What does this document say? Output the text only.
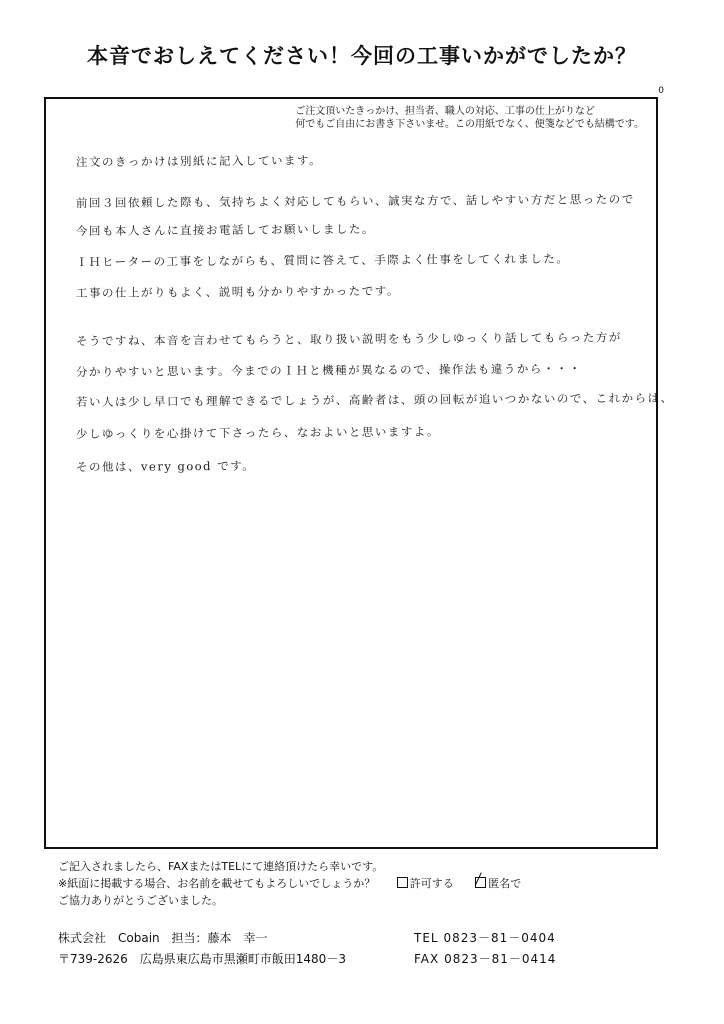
本音でおしえてください！今回の工事いかがでしたか？
0
ご注文頂いたきっかけ、担当者、職人の対応、工事の仕上がりなど
何でもご自由にお書き下さいませ。この用紙でなく、便箋などでも結構です。
注文のきっかけは別紙に記入しています。
前回３回依頼した際も、気持ちよく対応してもらい、誠実な方で、話しやすい方だと思ったので
今回も本人さんに直接お電話してお願いしました。
ＩＨヒーターの工事をしながらも、質問に答えて、手際よく仕事をしてくれました。
工事の仕上がりもよく、説明も分かりやすかったです。
そうですね、本音を言わせてもらうと、取り扱い説明をもう少しゆっくり話してもらった方が
分かりやすいと思います。今までのＩＨと機種が異なるので、操作法も違うから・・・
若い人は少し早口でも理解できるでしょうが、高齢者は、頭の回転が追いつかないので、これからは、
少しゆっくりを心掛けて下さったら、なおよいと思いますよ。
その他は、very good です。
ご記入されましたら、FAXまたはTELにて連絡頂けたら幸いです。
※紙面に掲載する場合、お名前を載せてもよろしいでしょうか？	許可する	匿名で
ご協力ありがとうございました。
株式会社　Cobain 担当：藤本　幸一
〒739-2626　広島県東広島市黒瀬町市飯田1480－3
TEL 0823－81－0404
FAX 0823－81－0414
